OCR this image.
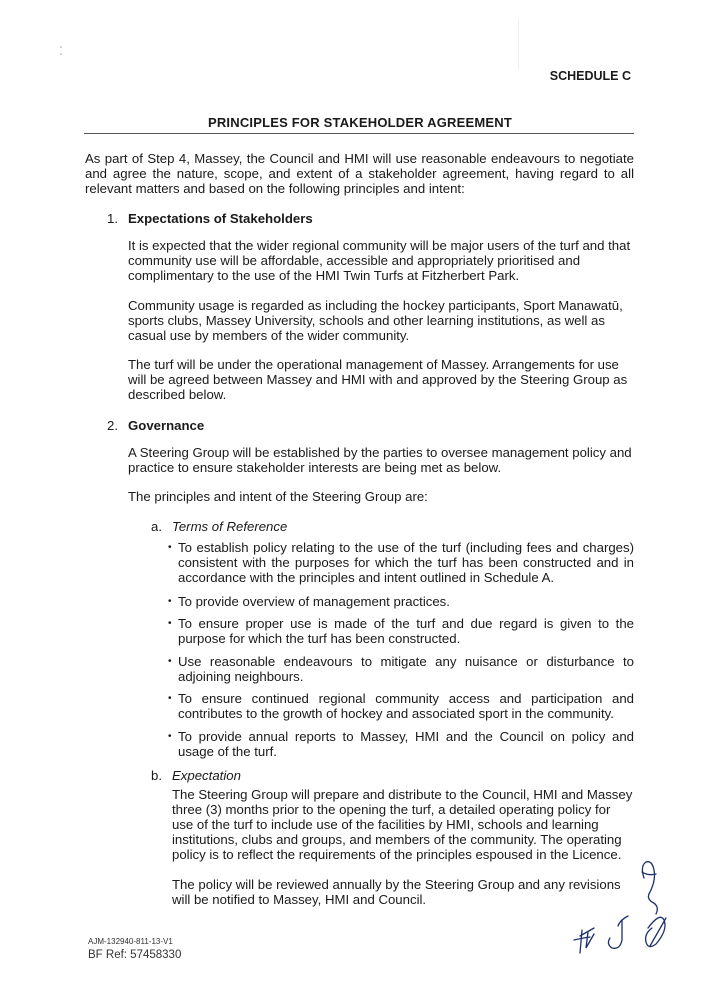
SCHEDULE C
PRINCIPLES FOR STAKEHOLDER AGREEMENT

As part of Step 4, Massey, the Council and HMI will use reasonable endeavours to negotiate and agree the nature, scope, and extent of a stakeholder agreement, having regard to all relevant matters and based on the following principles and intent:

1. Expectations of Stakeholders

It is expected that the wider regional community will be major users of the turf and that community use will be affordable, accessible and appropriately prioritised and complimentary to the use of the HMI Twin Turfs at Fitzherbert Park.

Community usage is regarded as including the hockey participants, Sport Manawatū, sports clubs, Massey University, schools and other learning institutions, as well as casual use by members of the wider community.

The turf will be under the operational management of Massey. Arrangements for use will be agreed between Massey and HMI with and approved by the Steering Group as described below.

2. Governance

A Steering Group will be established by the parties to oversee management policy and practice to ensure stakeholder interests are being met as below.

The principles and intent of the Steering Group are:

a. Terms of Reference
• To establish policy relating to the use of the turf (including fees and charges) consistent with the purposes for which the turf has been constructed and in accordance with the principles and intent outlined in Schedule A.
• To provide overview of management practices.
• To ensure proper use is made of the turf and due regard is given to the purpose for which the turf has been constructed.
• Use reasonable endeavours to mitigate any nuisance or disturbance to adjoining neighbours.
• To ensure continued regional community access and participation and contributes to the growth of hockey and associated sport in the community.
• To provide annual reports to Massey, HMI and the Council on policy and usage of the turf.
b. Expectation

The Steering Group will prepare and distribute to the Council, HMI and Massey three (3) months prior to the opening the turf, a detailed operating policy for use of the turf to include use of the facilities by HMI, schools and learning institutions, clubs and groups, and members of the community. The operating policy is to reflect the requirements of the principles espoused in the Licence.

The policy will be reviewed annually by the Steering Group and any revisions will be notified to Massey, HMI and Council.

AJM-132940-811-13-V1
BF Ref: 57458330
